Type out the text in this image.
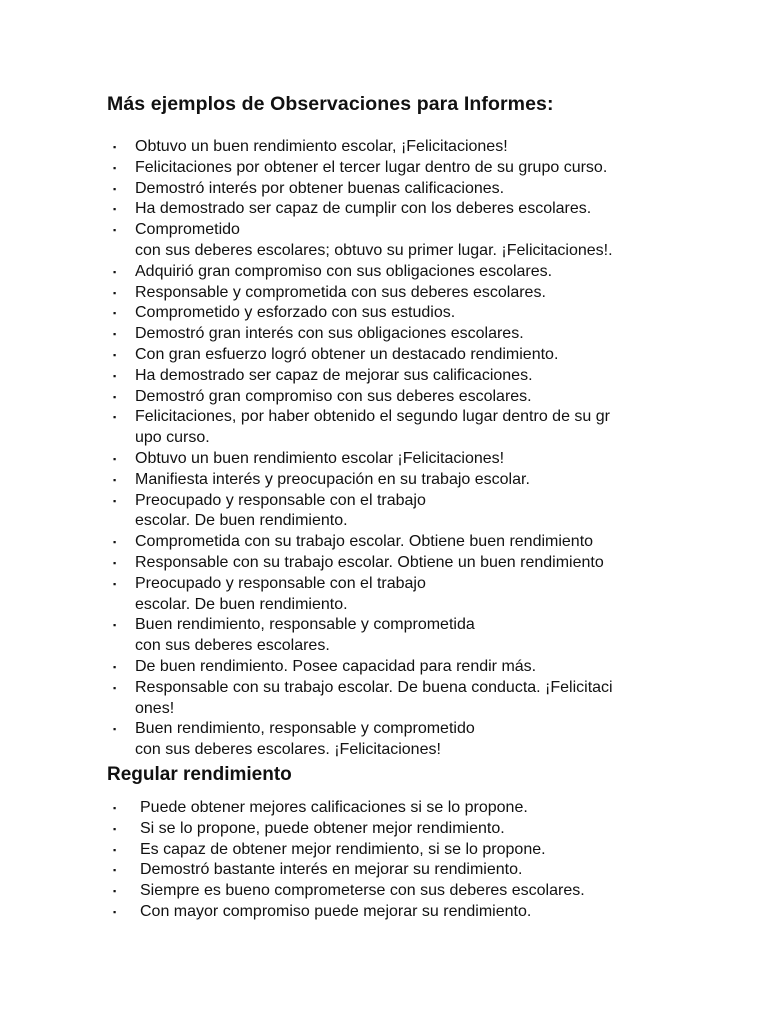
Más ejemplos de Observaciones para Informes:
▪ Obtuvo un buen rendimiento escolar, ¡Felicitaciones!
▪ Felicitaciones por obtener el tercer lugar dentro de su grupo curso.
▪ Demostró interés por obtener buenas calificaciones.
▪ Ha demostrado ser capaz de cumplir con los deberes escolares.
▪ Comprometido
con sus deberes escolares; obtuvo su primer lugar. ¡Felicitaciones!.
▪ Adquirió gran compromiso con sus obligaciones escolares.
▪ Responsable y comprometida con sus deberes escolares.
▪ Comprometido y esforzado con sus estudios.
▪ Demostró gran interés con sus obligaciones escolares.
▪ Con gran esfuerzo logró obtener un destacado rendimiento.
▪ Ha demostrado ser capaz de mejorar sus calificaciones.
▪ Demostró gran compromiso con sus deberes escolares.
▪ Felicitaciones, por haber obtenido el segundo lugar dentro de su gr
upo curso.
▪ Obtuvo un buen rendimiento escolar ¡Felicitaciones!
▪ Manifiesta interés y preocupación en su trabajo escolar.
▪ Preocupado y responsable con el trabajo
escolar. De buen rendimiento.
▪ Comprometida con su trabajo escolar. Obtiene buen rendimiento
▪ Responsable con su trabajo escolar. Obtiene un buen rendimiento
▪ Preocupado y responsable con el trabajo
escolar. De buen rendimiento.
▪ Buen rendimiento, responsable y comprometida
con sus deberes escolares.
▪ De buen rendimiento. Posee capacidad para rendir más.
▪ Responsable con su trabajo escolar. De buena conducta. ¡Felicitaci
ones!
▪ Buen rendimiento, responsable y comprometido
con sus deberes escolares. ¡Felicitaciones!
Regular rendimiento
▪ Puede obtener mejores calificaciones si se lo propone.
▪ Si se lo propone, puede obtener mejor rendimiento.
▪ Es capaz de obtener mejor rendimiento, si se lo propone.
▪ Demostró bastante interés en mejorar su rendimiento.
▪ Siempre es bueno comprometerse con sus deberes escolares.
▪ Con mayor compromiso puede mejorar su rendimiento.
